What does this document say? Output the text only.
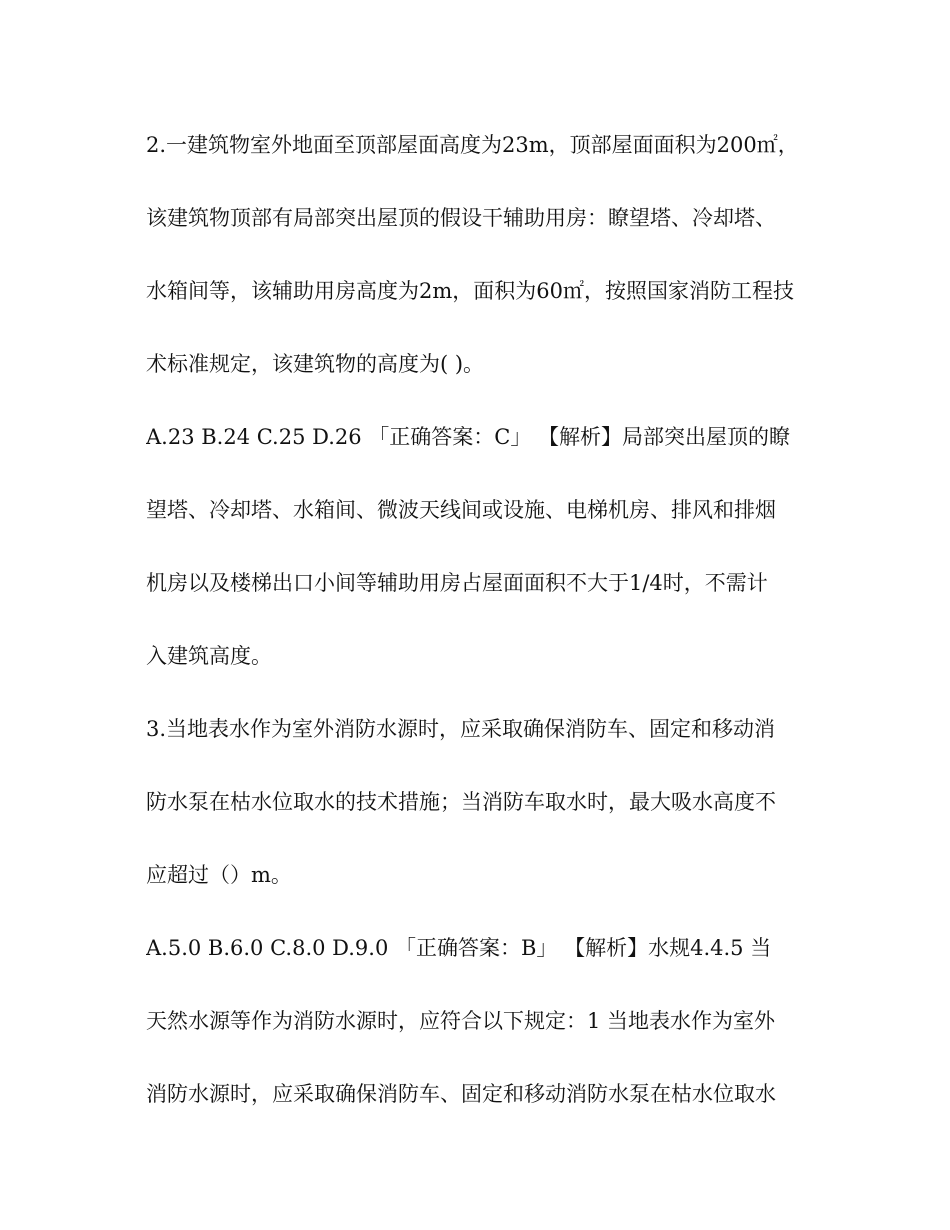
2.一建筑物室外地面至顶部屋面高度为23m，顶部屋面面积为200㎡，
该建筑物顶部有局部突出屋顶的假设干辅助用房：瞭望塔、冷却塔、
水箱间等，该辅助用房高度为2m，面积为60㎡，按照国家消防工程技
术标准规定，该建筑物的高度为( )。
A.23 B.24 C.25 D.26 「正确答案：C」 【解析】局部突出屋顶的瞭
望塔、冷却塔、水箱间、微波天线间或设施、电梯机房、排风和排烟
机房以及楼梯出口小间等辅助用房占屋面面积不大于1/4时，不需计
入建筑高度。
3.当地表水作为室外消防水源时，应采取确保消防车、固定和移动消
防水泵在枯水位取水的技术措施；当消防车取水时，最大吸水高度不
应超过（）m。
A.5.0 B.6.0 C.8.0 D.9.0 「正确答案：B」 【解析】水规4.4.5 当
天然水源等作为消防水源时，应符合以下规定：1 当地表水作为室外
消防水源时，应采取确保消防车、固定和移动消防水泵在枯水位取水
